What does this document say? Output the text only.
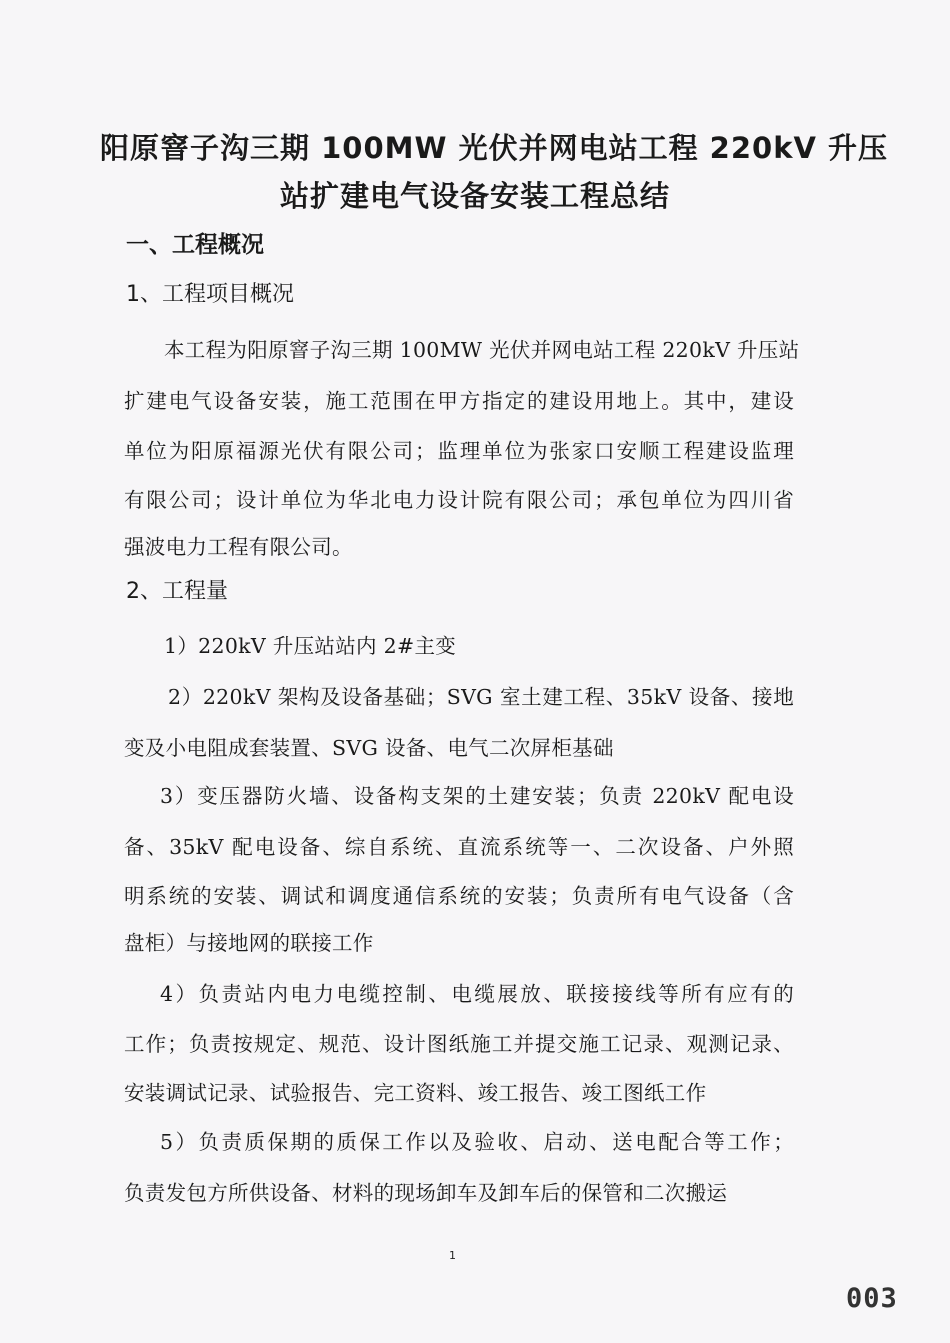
阳原窨子沟三期 100MW 光伏并网电站工程 220kV 升压
站扩建电气设备安装工程总结
一、工程概况
1、工程项目概况
本工程为阳原窨子沟三期 100MW 光伏并网电站工程 220kV 升压站
扩建电气设备安装，施工范围在甲方指定的建设用地上。其中，建设
单位为阳原福源光伏有限公司；监理单位为张家口安顺工程建设监理
有限公司；设计单位为华北电力设计院有限公司；承包单位为四川省
强波电力工程有限公司。
2、工程量
1）220kV 升压站站内 2#主变
2）220kV 架构及设备基础；SVG 室土建工程、35kV 设备、接地
变及小电阻成套装置、SVG 设备、电气二次屏柜基础
3）变压器防火墙、设备构支架的土建安装；负责 220kV 配电设
备、35kV 配电设备、综自系统、直流系统等一、二次设备、户外照
明系统的安装、调试和调度通信系统的安装；负责所有电气设备（含
盘柜）与接地网的联接工作
4）负责站内电力电缆控制、电缆展放、联接接线等所有应有的
工作；负责按规定、规范、设计图纸施工并提交施工记录、观测记录、
安装调试记录、试验报告、完工资料、竣工报告、竣工图纸工作
5）负责质保期的质保工作以及验收、启动、送电配合等工作；
负责发包方所供设备、材料的现场卸车及卸车后的保管和二次搬运
1
003
